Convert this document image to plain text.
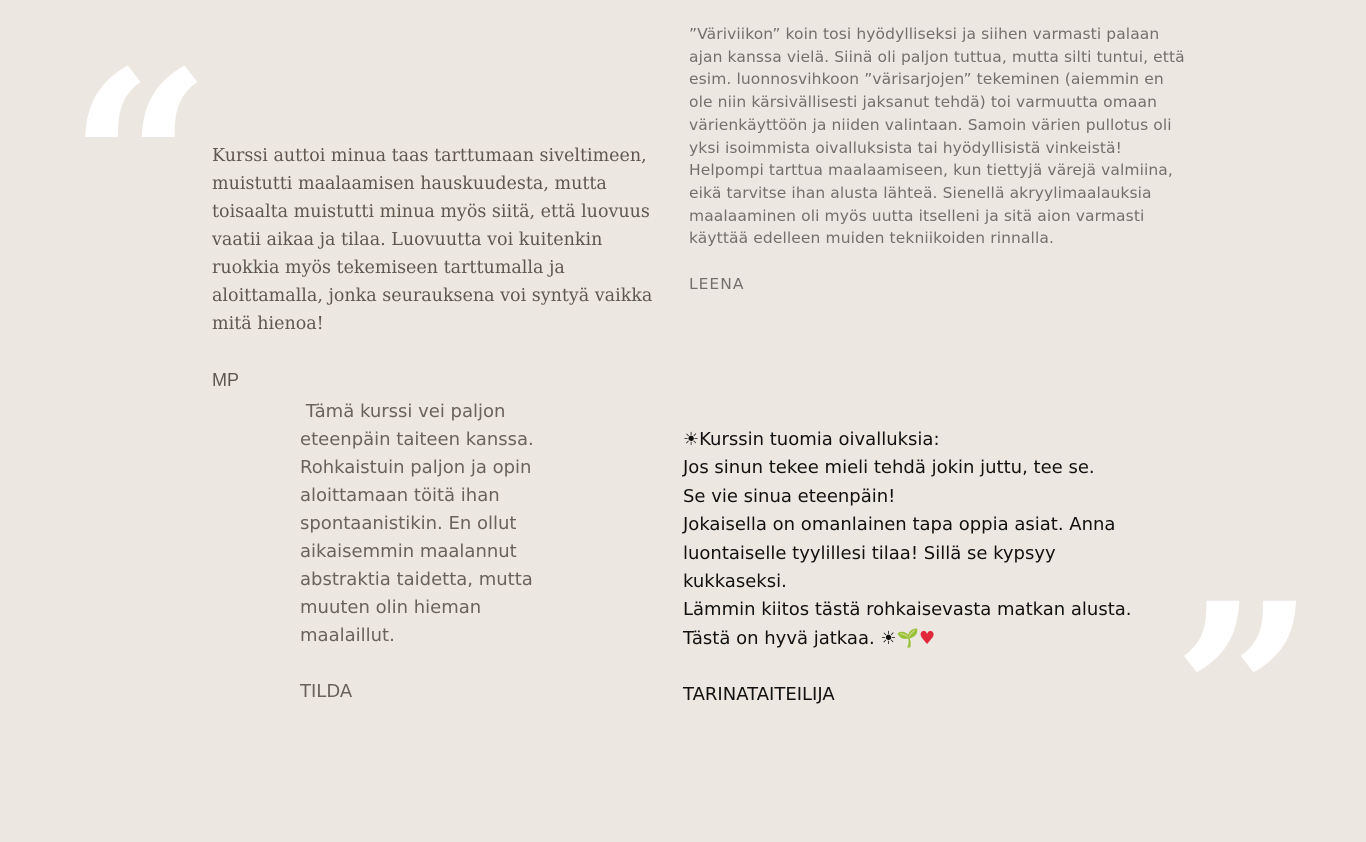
“
”

Kurssi auttoi minua taas tarttumaan siveltimeen, muistutti maalaamisen hauskuudesta, mutta toisaalta muistutti minua myös siitä, että luovuus vaatii aikaa ja tilaa. Luovuutta voi kuitenkin ruokkia myös tekemiseen tarttumalla ja aloittamalla, jonka seurauksena voi syntyä vaikka mitä hienoa!

MP

Tämä kurssi vei paljon eteenpäin taiteen kanssa. Rohkaistuin paljon ja opin aloittamaan töitä ihan spontaanistikin. En ollut aikaisemmin maalannut abstraktia taidetta, mutta muuten olin hieman maalaillut.

TILDA

”Väriviikon” koin tosi hyödylliseksi ja siihen varmasti palaan ajan kanssa vielä. Siinä oli paljon tuttua, mutta silti tuntui, että esim. luonnosvihkoon ”värisarjojen” tekeminen (aiemmin en ole niin kärsivällisesti jaksanut tehdä) toi varmuutta omaan värienkäyttöön ja niiden valintaan. Samoin värien pullotus oli yksi isoimmista oivalluksista tai hyödyllisistä vinkeistä! Helpompi tarttua maalaamiseen, kun tiettyjä värejä valmiina, eikä tarvitse ihan alusta lähteä. Sienellä akryylimaalauksia maalaaminen oli myös uutta itselleni ja sitä aion varmasti käyttää edelleen muiden tekniikoiden rinnalla.

LEENA

☀Kurssin tuomia oivalluksia:

Jos sinun tekee mieli tehdä jokin juttu, tee se.

Se vie sinua eteenpäin!

Jokaisella on omanlainen tapa oppia asiat. Anna luontaiselle tyylillesi tilaa! Sillä se kypsyy kukkaseksi.

Lämmin kiitos tästä rohkaisevasta matkan alusta. Tästä on hyvä jatkaa. ☀🌱♥

TARINATAITEILIJA
